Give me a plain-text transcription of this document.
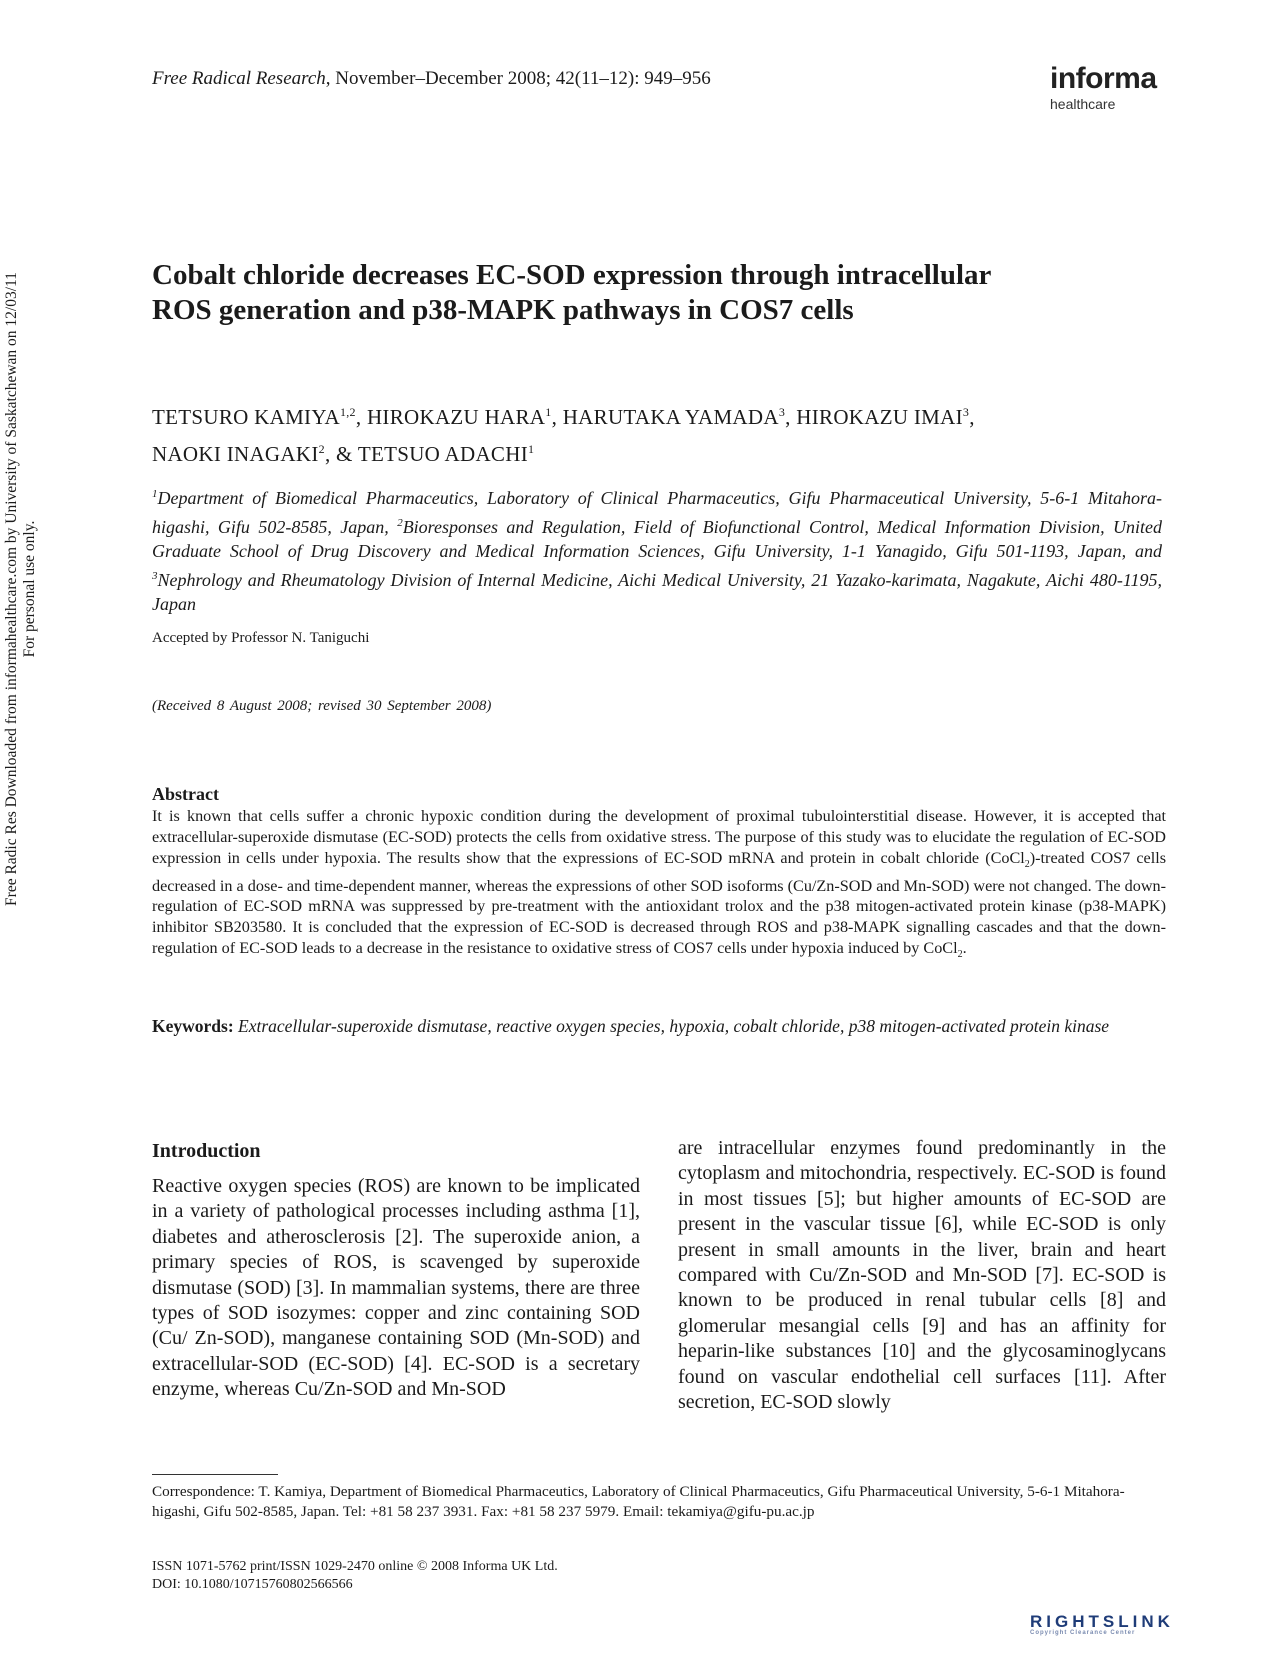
Free Radical Research, November–December 2008; 42(11–12): 949–956	informa
healthcare
Cobalt chloride decreases EC-SOD expression through intracellular
ROS generation and p38-MAPK pathways in COS7 cells
TETSURO KAMIYA$^{1,2}$, HIROKAZU HARA$^1$, HARUTAKA YAMADA$^3$, HIROKAZU IMAI$^3$,
NAOKI INAGAKI$^2$, & TETSUO ADACHI$^1$
$^1$Department of Biomedical Pharmaceutics, Laboratory of Clinical Pharmaceutics, Gifu Pharmaceutical University, 5-6-1 Mitahora-higashi, Gifu 502-8585, Japan, $^2$Bioresponses and Regulation, Field of Biofunctional Control, Medical Information Division, United Graduate School of Drug Discovery and Medical Information Sciences, Gifu University, 1-1 Yanagido, Gifu 501-1193, Japan, and $^3$Nephrology and Rheumatology Division of Internal Medicine, Aichi Medical University, 21 Yazako-karimata, Nagakute, Aichi 480-1195, Japan
Accepted by Professor N. Taniguchi
(Received 8 August 2008; revised 30 September 2008)
Abstract
It is known that cells suffer a chronic hypoxic condition during the development of proximal tubulointerstitial disease. However, it is accepted that extracellular-superoxide dismutase (EC-SOD) protects the cells from oxidative stress. The purpose of this study was to elucidate the regulation of EC-SOD expression in cells under hypoxia. The results show that the expressions of EC-SOD mRNA and protein in cobalt chloride (CoCl$_2$)-treated COS7 cells decreased in a dose- and time-dependent manner, whereas the expressions of other SOD isoforms (Cu/Zn-SOD and Mn-SOD) were not changed. The down-regulation of EC-SOD mRNA was suppressed by pre-treatment with the antioxidant trolox and the p38 mitogen-activated protein kinase (p38-MAPK) inhibitor SB203580. It is concluded that the expression of EC-SOD is decreased through ROS and p38-MAPK signalling cascades and that the down-regulation of EC-SOD leads to a decrease in the resistance to oxidative stress of COS7 cells under hypoxia induced by CoCl$_2$.
Keywords: Extracellular-superoxide dismutase, reactive oxygen species, hypoxia, cobalt chloride, p38 mitogen-activated protein kinase
Introduction
Reactive oxygen species (ROS) are known to be implicated in a variety of pathological processes including asthma [1], diabetes and atherosclerosis [2]. The superoxide anion, a primary species of ROS, is scavenged by superoxide dismutase (SOD) [3]. In mammalian systems, there are three types of SOD isozymes: copper and zinc containing SOD (Cu/ Zn-SOD), manganese containing SOD (Mn-SOD) and extracellular-SOD (EC-SOD) [4]. EC-SOD is a secretary enzyme, whereas Cu/Zn-SOD and Mn-SOD
are intracellular enzymes found predominantly in the cytoplasm and mitochondria, respectively. EC-SOD is found in most tissues [5]; but higher amounts of EC-SOD are present in the vascular tissue [6], while EC-SOD is only present in small amounts in the liver, brain and heart compared with Cu/Zn-SOD and Mn-SOD [7]. EC-SOD is known to be produced in renal tubular cells [8] and glomerular mesangial cells [9] and has an affinity for heparin-like substances [10] and the glycosaminoglycans found on vascular endothelial cell surfaces [11]. After secretion, EC-SOD slowly
Correspondence: T. Kamiya, Department of Biomedical Pharmaceutics, Laboratory of Clinical Pharmaceutics, Gifu Pharmaceutical University, 5-6-1 Mitahora-higashi, Gifu 502-8585, Japan. Tel: +81 58 237 3931. Fax: +81 58 237 5979. Email: tekamiya@gifu-pu.ac.jp
ISSN 1071-5762 print/ISSN 1029-2470 online © 2008 Informa UK Ltd.
DOI: 10.1080/10715760802566566
Free Radic Res Downloaded from informahealthcare.com by University of Saskatchewan on 12/03/11 For personal use only.
RIGHTSLINK
Copyright Clearance Center
